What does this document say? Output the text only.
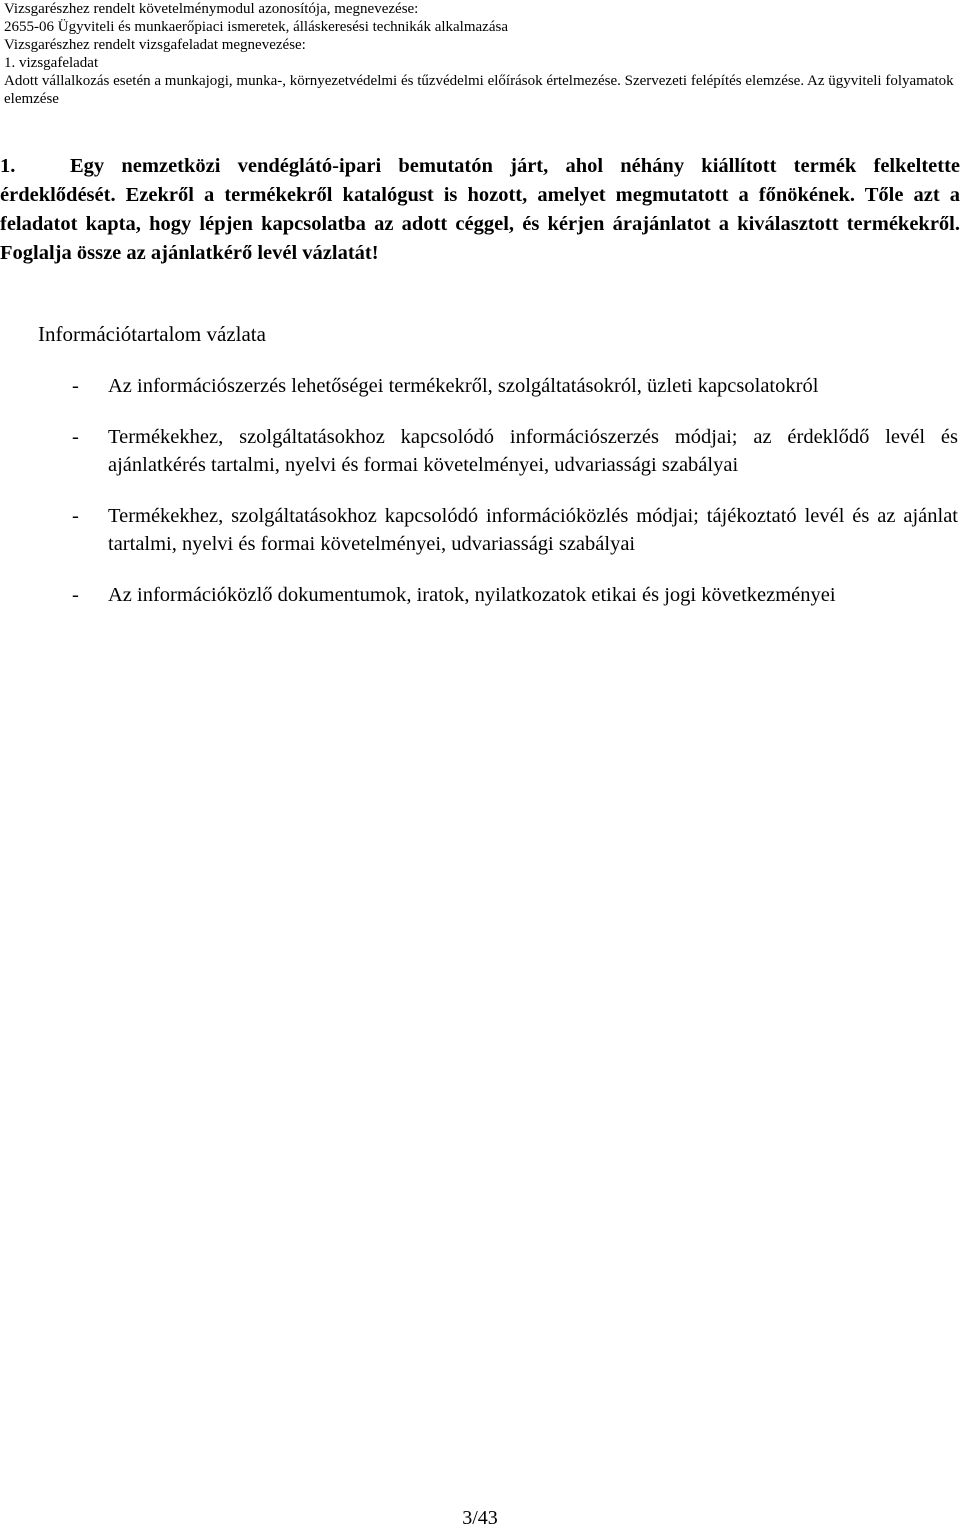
Vizsgarészhez rendelt követelménymodul azonosítója, megnevezése:
2655-06 Ügyviteli és munkaerőpiaci ismeretek, álláskeresési technikák alkalmazása
Vizsgarészhez rendelt vizsgafeladat megnevezése:
1. vizsgafeladat
Adott vállalkozás esetén a munkajogi, munka-, környezetvédelmi és tűzvédelmi előírások értelmezése. Szervezeti felépítés elemzése. Az ügyviteli folyamatok elemzése

1.	Egy nemzetközi vendéglátó-ipari bemutatón járt, ahol néhány kiállított termék felkeltette érdeklődését. Ezekről a termékekről katalógust is hozott, amelyet megmutatott a főnökének. Tőle azt a feladatot kapta, hogy lépjen kapcsolatba az adott céggel, és kérjen árajánlatot a kiválasztott termékekről. Foglalja össze az ajánlatkérő levél vázlatát!

Információtartalom vázlata
- Az információszerzés lehetőségei termékekről, szolgáltatásokról, üzleti kapcsolatokról
- Termékekhez, szolgáltatásokhoz kapcsolódó információszerzés módjai; az érdeklődő levél és ajánlatkérés tartalmi, nyelvi és formai követelményei, udvariassági szabályai
- Termékekhez, szolgáltatásokhoz kapcsolódó információközlés módjai; tájékoztató levél és az ajánlat tartalmi, nyelvi és formai követelményei, udvariassági szabályai
- Az információközlő dokumentumok, iratok, nyilatkozatok etikai és jogi következményei
3/43
